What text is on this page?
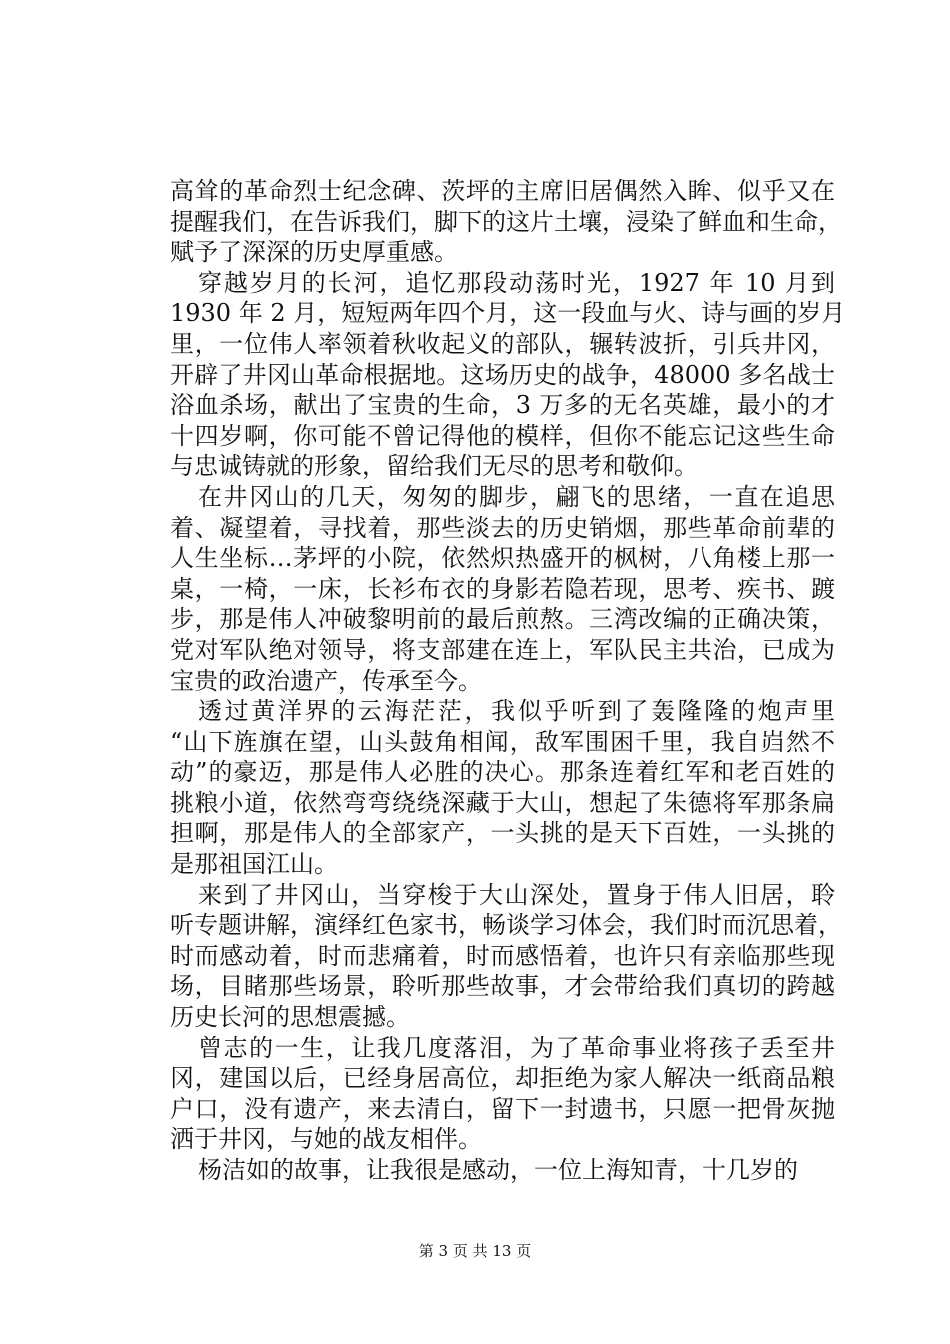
高耸的革命烈士纪念碑、茨坪的主席旧居偶然入眸、似乎又在
提醒我们，在告诉我们，脚下的这片土壤，浸染了鲜血和生命，
赋予了深深的历史厚重感。
穿越岁月的长河，追忆那段动荡时光，1927 年 10 月到
1930 年 2 月，短短两年四个月，这一段血与火、诗与画的岁月
里，一位伟人率领着秋收起义的部队，辗转波折，引兵井冈，
开辟了井冈山革命根据地。这场历史的战争，48000 多名战士
浴血杀场，献出了宝贵的生命，3 万多的无名英雄，最小的才
十四岁啊，你可能不曾记得他的模样，但你不能忘记这些生命
与忠诚铸就的形象，留给我们无尽的思考和敬仰。
在井冈山的几天，匆匆的脚步，翩飞的思绪，一直在追思
着、凝望着，寻找着，那些淡去的历史销烟，那些革命前辈的
人生坐标…茅坪的小院，依然炽热盛开的枫树，八角楼上那一
桌，一椅，一床，长衫布衣的身影若隐若现，思考、疾书、踱
步，那是伟人冲破黎明前的最后煎熬。三湾改编的正确决策，
党对军队绝对领导，将支部建在连上，军队民主共治，已成为
宝贵的政治遗产，传承至今。
透过黄洋界的云海茫茫，我似乎听到了轰隆隆的炮声里
“山下旌旗在望，山头鼓角相闻，敌军围困千里，我自岿然不
动”的豪迈，那是伟人必胜的决心。那条连着红军和老百姓的
挑粮小道，依然弯弯绕绕深藏于大山，想起了朱德将军那条扁
担啊，那是伟人的全部家产，一头挑的是天下百姓，一头挑的
是那祖国江山。
来到了井冈山，当穿梭于大山深处，置身于伟人旧居，聆
听专题讲解，演绎红色家书，畅谈学习体会，我们时而沉思着，
时而感动着，时而悲痛着，时而感悟着，也许只有亲临那些现
场，目睹那些场景，聆听那些故事，才会带给我们真切的跨越
历史长河的思想震撼。
曾志的一生，让我几度落泪，为了革命事业将孩子丢至井
冈，建国以后，已经身居高位，却拒绝为家人解决一纸商品粮
户口，没有遗产，来去清白，留下一封遗书，只愿一把骨灰抛
洒于井冈，与她的战友相伴。
杨洁如的故事，让我很是感动，一位上海知青，十几岁的
第 3 页 共 13 页
